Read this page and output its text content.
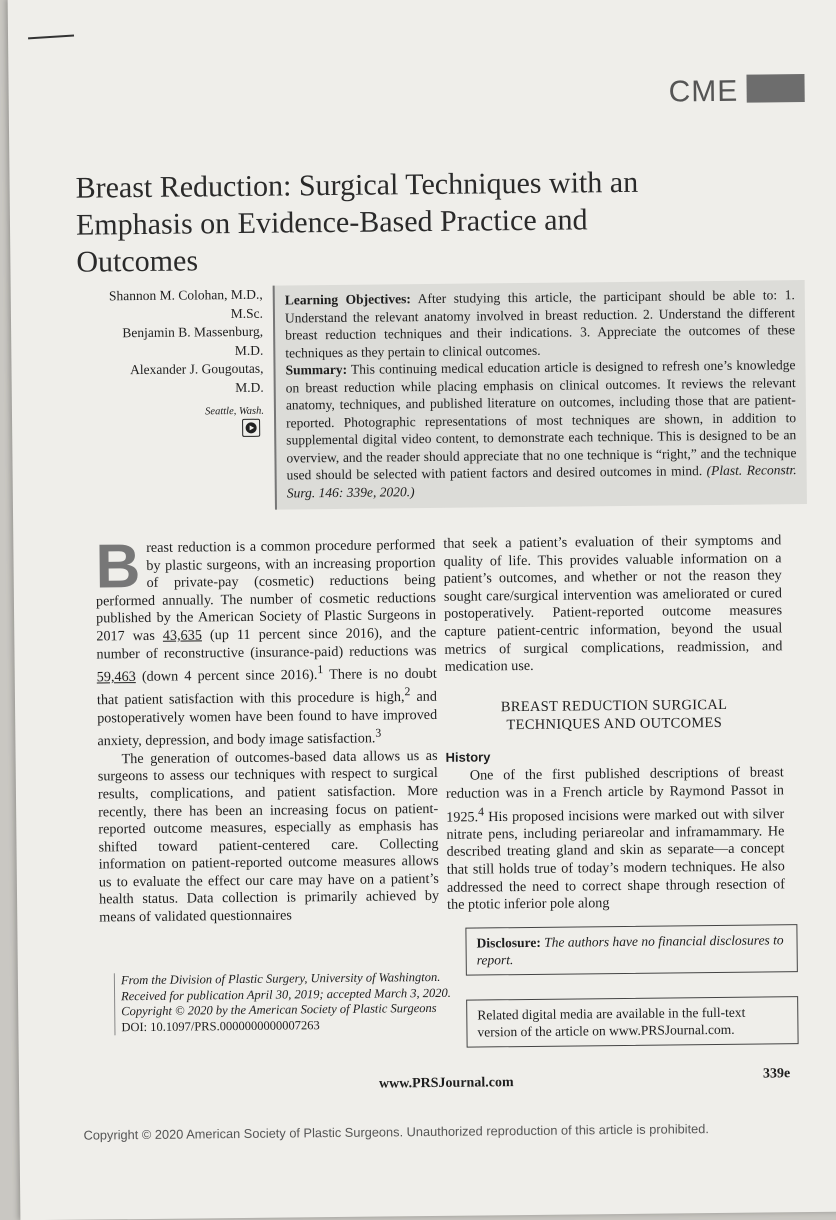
CME
Breast Reduction: Surgical Techniques with an Emphasis on Evidence-Based Practice and Outcomes
Shannon M. Colohan, M.D.,
M.Sc.
Benjamin B. Massenburg,
M.D.
Alexander J. Gougoutas,
M.D.
Seattle, Wash.
Learning Objectives: After studying this article, the participant should be able to: 1. Understand the relevant anatomy involved in breast reduction. 2. Understand the different breast reduction techniques and their indications. 3. Appreciate the outcomes of these techniques as they pertain to clinical outcomes.
Summary: This continuing medical education article is designed to refresh one’s knowledge on breast reduction while placing emphasis on clinical outcomes. It reviews the relevant anatomy, techniques, and published literature on outcomes, including those that are patient-reported. Photographic representations of most techniques are shown, in addition to supplemental digital video content, to demonstrate each technique. This is designed to be an overview, and the reader should appreciate that no one technique is “right,” and the technique used should be selected with patient factors and desired outcomes in mind. (Plast. Reconstr. Surg. 146: 339e, 2020.)

Breast reduction is a common procedure performed by plastic surgeons, with an increasing proportion of private-pay (cosmetic) reductions being performed annually. The number of cosmetic reductions published by the American Society of Plastic Surgeons in 2017 was 43,635 (up 11 percent since 2016), and the number of reconstructive (insurance-paid) reductions was 59,463 (down 4 percent since 2016).$^1$ There is no doubt that patient satisfaction with this procedure is high,$^2$ and postoperatively women have been found to have improved anxiety, depression, and body image satisfaction.$^3$

The generation of outcomes-based data allows us as surgeons to assess our techniques with respect to surgical results, complications, and patient satisfaction. More recently, there has been an increasing focus on patient-reported outcome measures, especially as emphasis has shifted toward patient-centered care. Collecting information on patient-reported outcome measures allows us to evaluate the effect our care may have on a patient’s health status. Data collection is primarily achieved by means of validated questionnaires

that seek a patient’s evaluation of their symptoms and quality of life. This provides valuable information on a patient’s outcomes, and whether or not the reason they sought care/surgical intervention was ameliorated or cured postoperatively. Patient-reported outcome measures capture patient-centric information, beyond the usual metrics of surgical complications, readmission, and medication use.

BREAST REDUCTION SURGICAL
TECHNIQUES AND OUTCOMES
History

One of the first published descriptions of breast reduction was in a French article by Raymond Passot in 1925.$^4$ His proposed incisions were marked out with silver nitrate pens, including periareolar and inframammary. He described treating gland and skin as separate—a concept that still holds true of today’s modern techniques. He also addressed the need to correct shape through resection of the ptotic inferior pole along

From the Division of Plastic Surgery, University of Washington.
Received for publication April 30, 2019; accepted March 3, 2020.
Copyright © 2020 by the American Society of Plastic Surgeons
DOI: 10.1097/PRS.0000000000007263
Disclosure: The authors have no financial disclosures to report.
Related digital media are available in the full-text version of the article on www.PRSJournal.com.
www.PRSJournal.com
339e
Copyright © 2020 American Society of Plastic Surgeons. Unauthorized reproduction of this article is prohibited.
